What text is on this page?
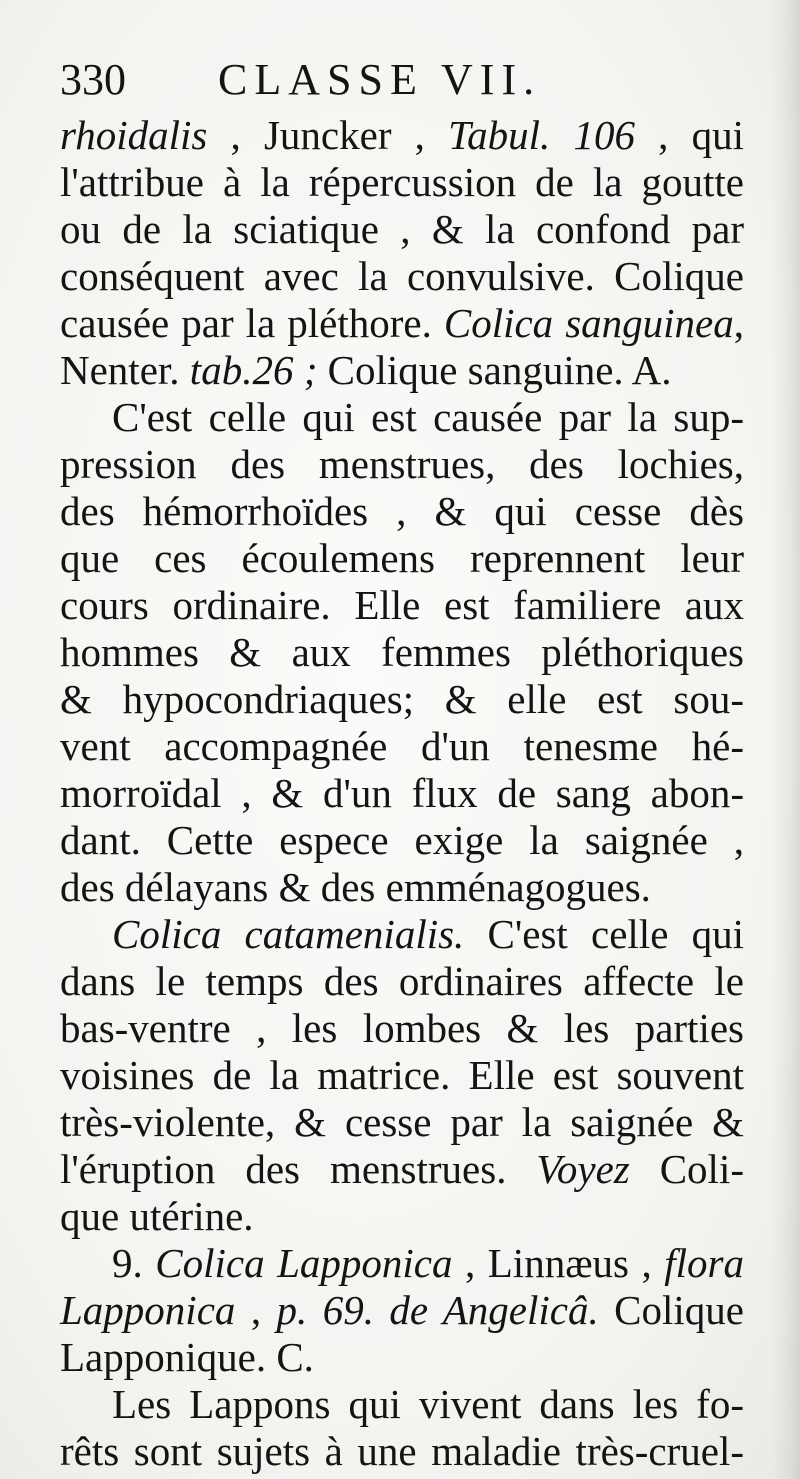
330 CLASSE VII.
rhoidalis , Juncker , Tabul. 106 , qui
l'attribue à la répercussion de la goutte
ou de la sciatique , & la confond par
conséquent avec la convulsive. Colique
causée par la pléthore. Colica sanguinea,
Nenter. tab.26 ; Colique sanguine. A.
C'est celle qui est causée par la sup-
pression des menstrues, des lochies,
des hémorrhoïdes , & qui cesse dès
que ces écoulemens reprennent leur
cours ordinaire. Elle est familiere aux
hommes & aux femmes pléthoriques
& hypocondriaques; & elle est sou-
vent accompagnée d'un tenesme hé-
morroïdal , & d'un flux de sang abon-
dant. Cette espece exige la saignée ,
des délayans & des emménagogues.
Colica catamenialis. C'est celle qui
dans le temps des ordinaires affecte le
bas-ventre , les lombes & les parties
voisines de la matrice. Elle est souvent
très-violente, & cesse par la saignée &
l'éruption des menstrues. Voyez Coli-
que utérine.
9. Colica Lapponica , Linnæus , flora
Lapponica , p. 69. de Angelicâ. Colique
Lapponique. C.
Les Lappons qui vivent dans les fo-
rêts sont sujets à une maladie très-cruel-
